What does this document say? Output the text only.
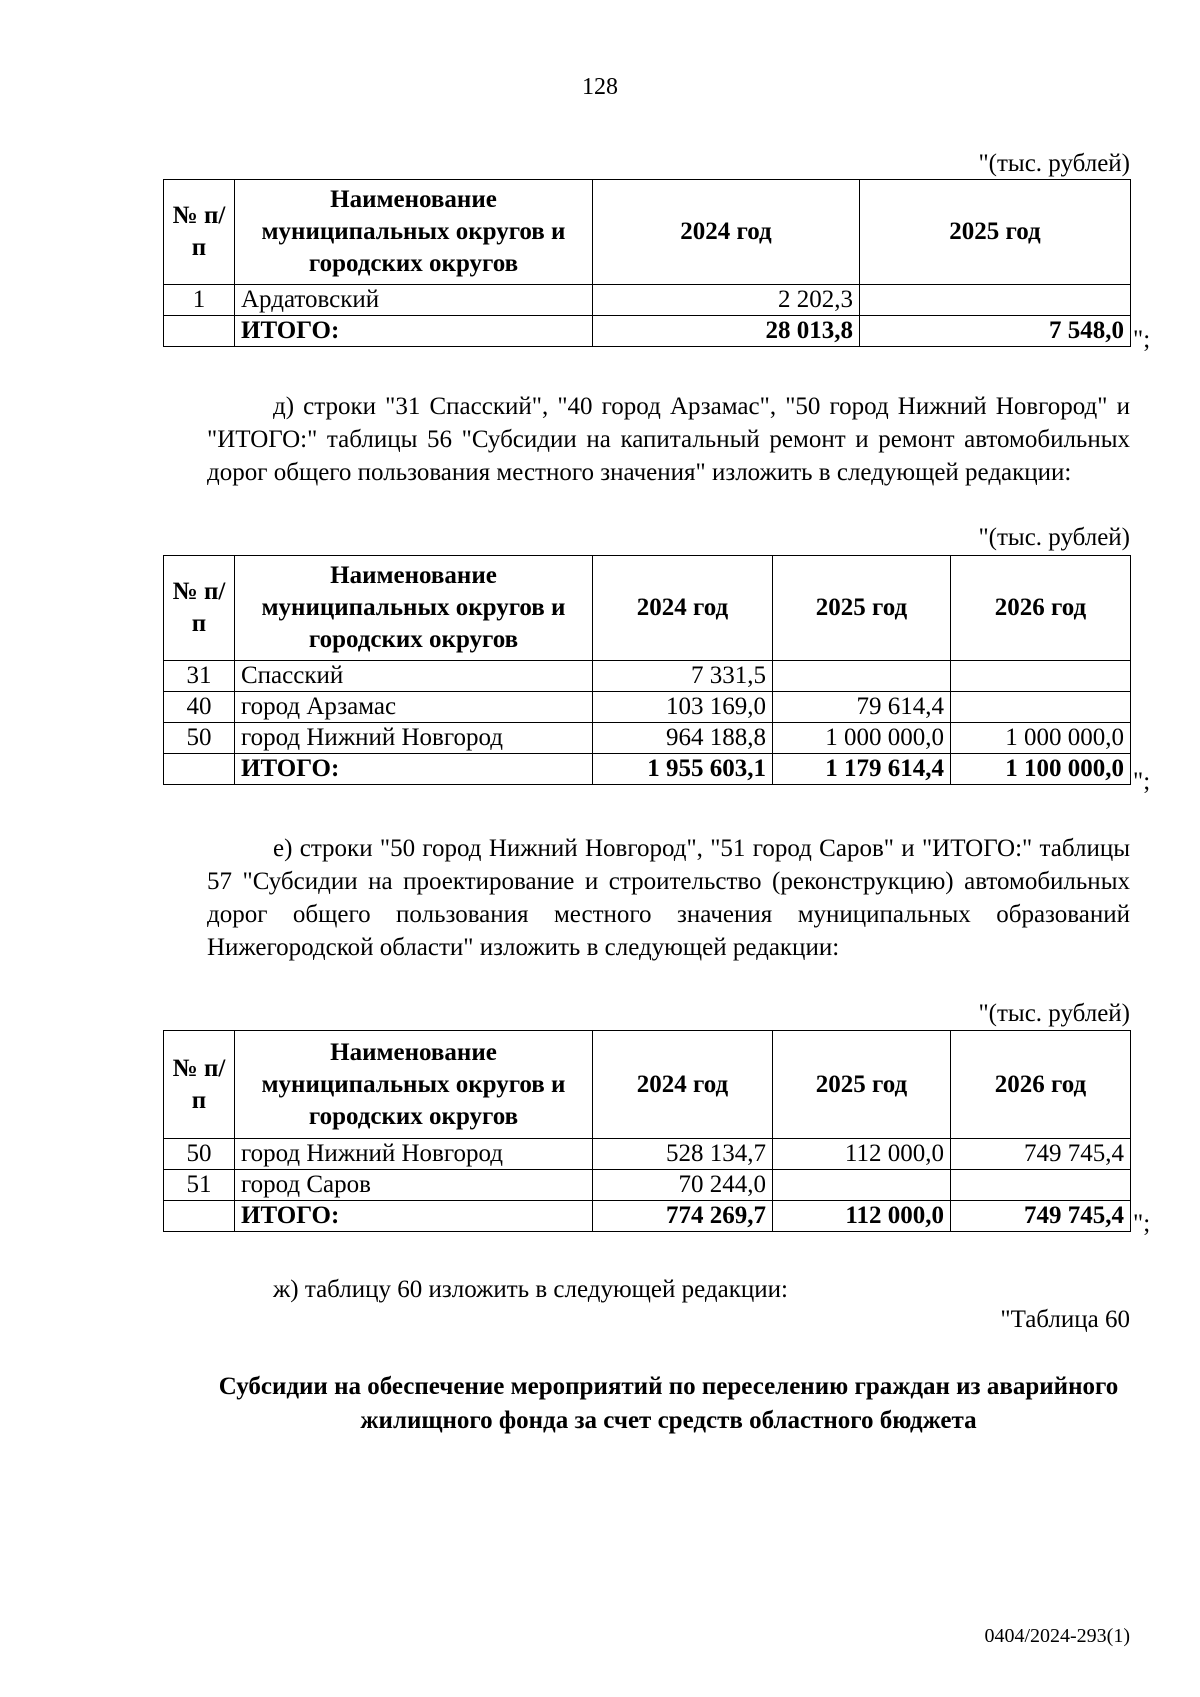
128
"(тыс. рублей)
№ п/п	Наименование муниципальных округов и городских округов	2024 год	2025 год
1	Ардатовский	2 202,3	
	ИТОГО:	28 013,8	7 548,0 ";
д) строки "31 Спасский", "40 город Арзамас", "50 город Нижний Новгород" и "ИТОГО:" таблицы 56 "Субсидии на капитальный ремонт и ремонт автомобильных дорог общего пользования местного значения" изложить в следующей редакции:
"(тыс. рублей)
№ п/п	Наименование муниципальных округов и городских округов	2024 год	2025 год	2026 год
31	Спасский	7 331,5		
40	город Арзамас	103 169,0	79 614,4	
50	город Нижний Новгород	964 188,8	1 000 000,0	1 000 000,0
	ИТОГО:	1 955 603,1	1 179 614,4	1 100 000,0 ";
е) строки "50 город Нижний Новгород", "51 город Саров" и "ИТОГО:" таблицы 57 "Субсидии на проектирование и строительство (реконструкцию) автомобильных дорог общего пользования местного значения муниципальных образований Нижегородской области" изложить в следующей редакции:
"(тыс. рублей)
№ п/п	Наименование муниципальных округов и городских округов	2024 год	2025 год	2026 год
50	город Нижний Новгород	528 134,7	112 000,0	749 745,4
51	город Саров	70 244,0		
	ИТОГО:	774 269,7	112 000,0	749 745,4 ";
ж) таблицу 60 изложить в следующей редакции:
"Таблица 60
Субсидии на обеспечение мероприятий по переселению граждан из аварийного жилищного фонда за счет средств областного бюджета
0404/2024-293(1)
